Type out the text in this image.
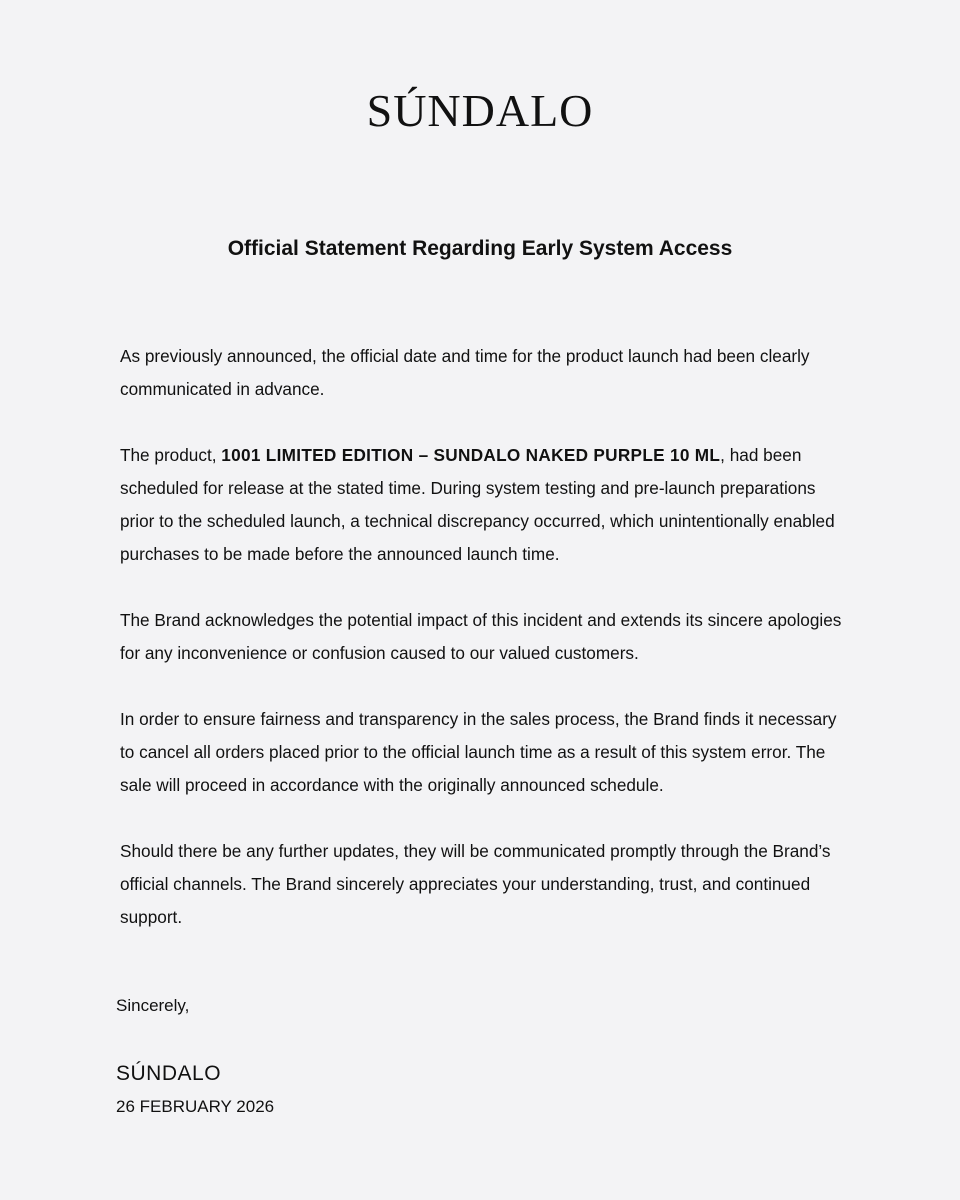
SÚNDALO
Official Statement Regarding Early System Access

As previously announced, the official date and time for the product launch had been clearly communicated in advance.

The product, 1001 LIMITED EDITION – SUNDALO NAKED PURPLE 10 ML, had been scheduled for release at the stated time. During system testing and pre-launch preparations prior to the scheduled launch, a technical discrepancy occurred, which unintentionally enabled purchases to be made before the announced launch time.

The Brand acknowledges the potential impact of this incident and extends its sincere apologies for any inconvenience or confusion caused to our valued customers.

In order to ensure fairness and transparency in the sales process, the Brand finds it necessary to cancel all orders placed prior to the official launch time as a result of this system error. The sale will proceed in accordance with the originally announced schedule.

Should there be any further updates, they will be communicated promptly through the Brand’s official channels. The Brand sincerely appreciates your understanding, trust, and continued support.

Sincerely,

SÚNDALO

26 FEBRUARY 2026
